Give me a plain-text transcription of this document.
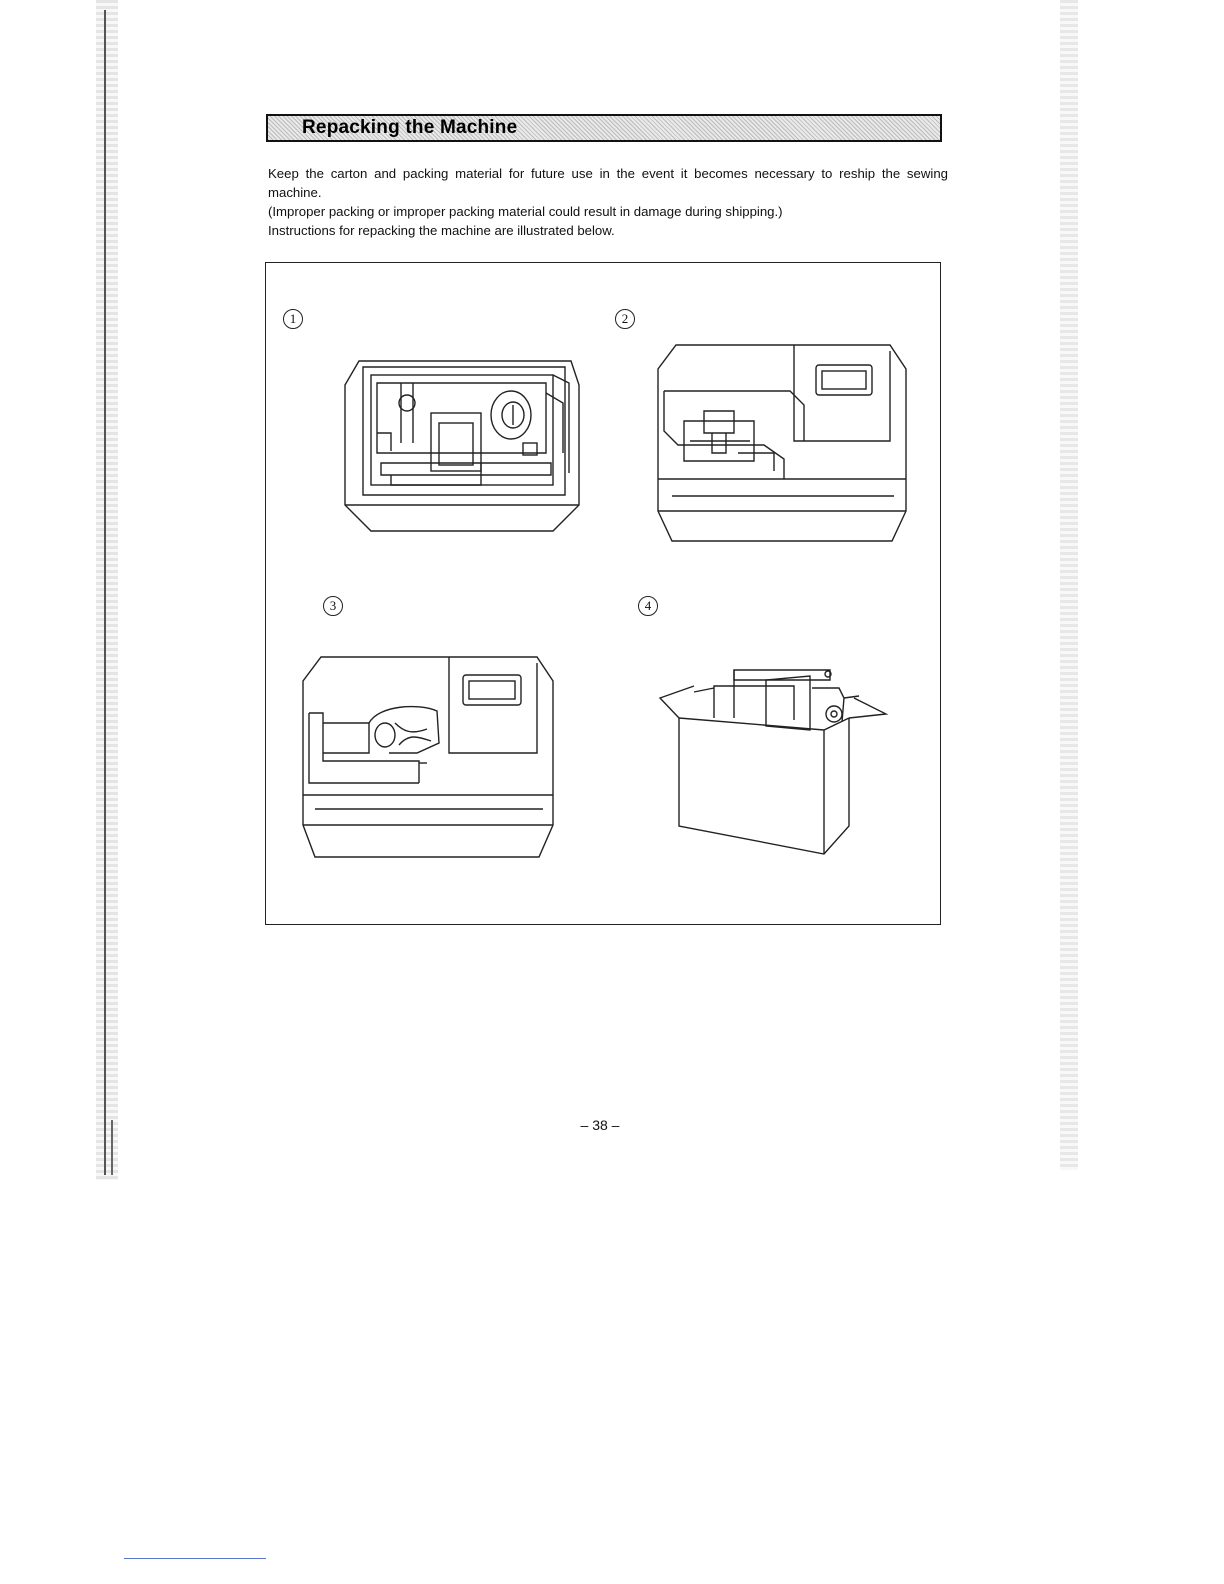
Repacking the Machine

Keep the carton and packing material for future use in the event it becomes necessary to reship the sewing machine.

(Improper packing or improper packing material could result in damage during shipping.)

Instructions for repacking the machine are illustrated below.

1	2
3	4
– 38 –
